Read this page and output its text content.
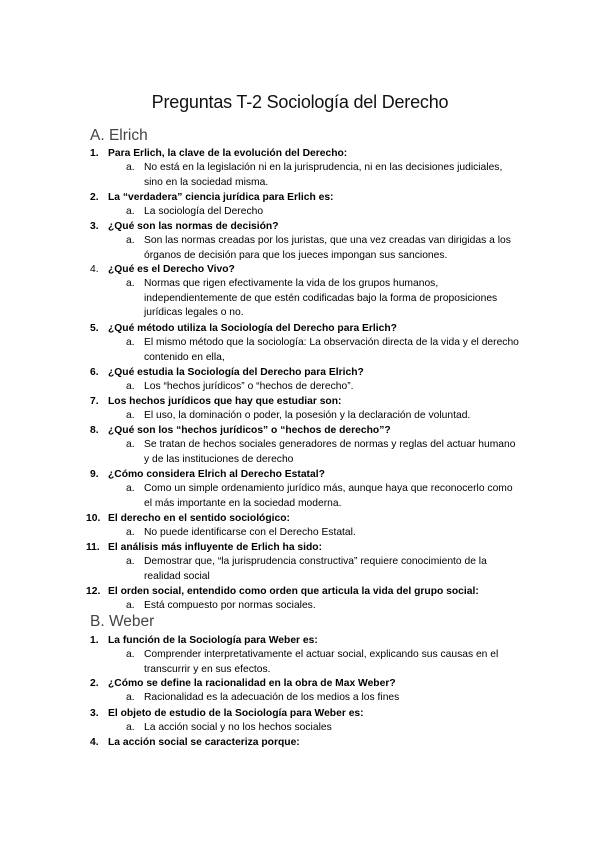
Preguntas T-2 Sociología del Derecho
A. Elrich
1. Para Erlich, la clave de la evolución del Derecho:
a. No está en la legislación ni en la jurisprudencia, ni en las decisiones judiciales, sino en la sociedad misma.
2. La “verdadera” ciencia jurídica para Erlich es:
a. La sociología del Derecho
3. ¿Qué son las normas de decisión?
a. Son las normas creadas por los juristas, que una vez creadas van dirigidas a los órganos de decisión para que los jueces impongan sus sanciones.
4. ¿Qué es el Derecho Vivo?
a. Normas que rigen efectivamente la vida de los grupos humanos, independientemente de que estén codificadas bajo la forma de proposiciones jurídicas legales o no.
5. ¿Qué método utiliza la Sociología del Derecho para Erlich?
a. El mismo método que la sociología: La observación directa de la vida y el derecho contenido en ella,
6. ¿Qué estudia la Sociología del Derecho para Elrich?
a. Los “hechos jurídicos” o “hechos de derecho”.
7. Los hechos jurídicos que hay que estudiar son:
a. El uso, la dominación o poder, la posesión y la declaración de voluntad.
8. ¿Qué son los “hechos jurídicos” o “hechos de derecho”?
a. Se tratan de hechos sociales generadores de normas y reglas del actuar humano y de las instituciones de derecho
9. ¿Cómo considera Elrich al Derecho Estatal?
a. Como un simple ordenamiento jurídico más, aunque haya que reconocerlo como el más importante en la sociedad moderna.
10. El derecho en el sentido sociológico:
a. No puede identificarse con el Derecho Estatal.
11. El análisis más influyente de Erlich ha sido:
a. Demostrar que, “la jurisprudencia constructiva” requiere conocimiento de la realidad social
12. El orden social, entendido como orden que articula la vida del grupo social:
a. Está compuesto por normas sociales.
B. Weber
1. La función de la Sociología para Weber es:
a. Comprender interpretativamente el actuar social, explicando sus causas en el transcurrir y en sus efectos.
2. ¿Cómo se define la racionalidad en la obra de Max Weber?
a. Racionalidad es la adecuación de los medios a los fines
3. El objeto de estudio de la Sociología para Weber es:
a. La acción social y no los hechos sociales
4. La acción social se caracteriza porque:
